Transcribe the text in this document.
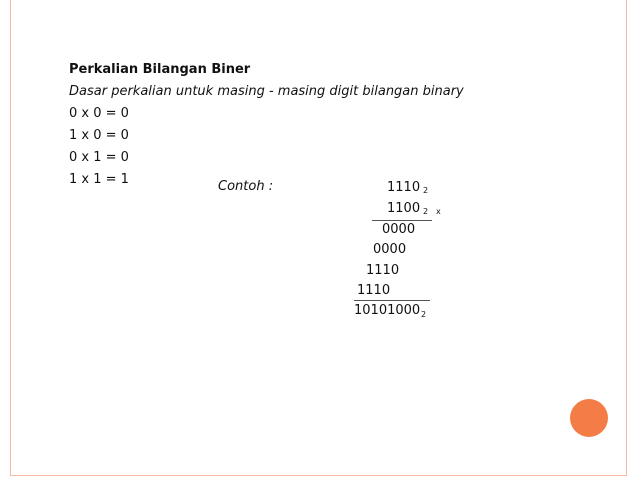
Perkalian Bilangan Biner
Dasar perkalian untuk masing - masing digit bilangan binary
0 x 0 = 0
1 x 0 = 0
0 x 1 = 0
1 x 1 = 1	Contoh :	1110 2
1100 2 x
0000
0000
1110
1110
10101000 2
